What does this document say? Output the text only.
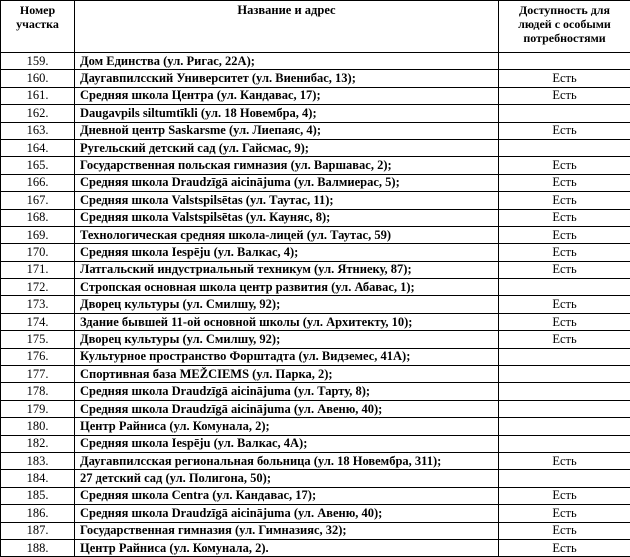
Номер участка	Название и адрес	Доступность для людей с особыми потребностями
159.	Дом Единства (ул. Ригас, 22А);	
160.	Даугавпилсский Университет (ул. Виенибас, 13);	Есть
161.	Средняя школа Центра (ул. Кандавас, 17);	Есть
162.	Daugavpils siltumtīkli (ул. 18 Новембра, 4);	
163.	Дневной центр Saskarsme (ул. Лиепаяс, 4);	Есть
164.	Ругельский детский сад (ул. Гайсмас, 9);	
165.	Государственная польская гимназия (ул. Варшавас, 2);	Есть
166.	Средняя школа Draudzīgā aicinājuma (ул. Валмиерас, 5);	Есть
167.	Средняя школа Valstspilsētas (ул. Таутас, 11);	Есть
168.	Средняя школа Valstspilsētas (ул. Кауняс, 8);	Есть
169.	Технологическая средняя школа-лицей (ул. Таутас, 59)	Есть
170.	Средняя школа Iespēju (ул. Валкас, 4);	Есть
171.	Латгальский индустриальный техникум (ул. Ятниеку, 87);	Есть
172.	Стропская основная школа центр развития (ул. Абавас, 1);	
173.	Дворец культуры (ул. Смилшу, 92);	Есть
174.	Здание бывшей 11-ой основной школы (ул. Архитекту, 10);	Есть
175.	Дворец культуры (ул. Смилшу, 92);	Есть
176.	Культурное пространство Форштадта (ул. Видземес, 41А);	
177.	Спортивная база MEŽCIEMS (ул. Парка, 2);	
178.	Средняя школа Draudzīgā aicinājuma (ул. Тарту, 8);	
179.	Средняя школа Draudzīgā aicinājuma (ул. Авеню, 40);	
180.	Центр Райниса (ул. Комунала, 2);	
182.	Средняя школа Iespēju (ул. Валкас, 4А);	
183.	Даугавпилсская региональная больница (ул. 18 Новембра, 311);	Есть
184.	27 детский сад (ул. Полигона, 50);	
185.	Средняя школа Centra (ул. Кандавас, 17);	Есть
186.	Средняя школа Draudzīgā aicinājuma (ул. Авеню, 40);	Есть
187.	Государственная гимназия (ул. Гимназияс, 32);	Есть
188.	Центр Райниса (ул. Комунала, 2).	Есть
